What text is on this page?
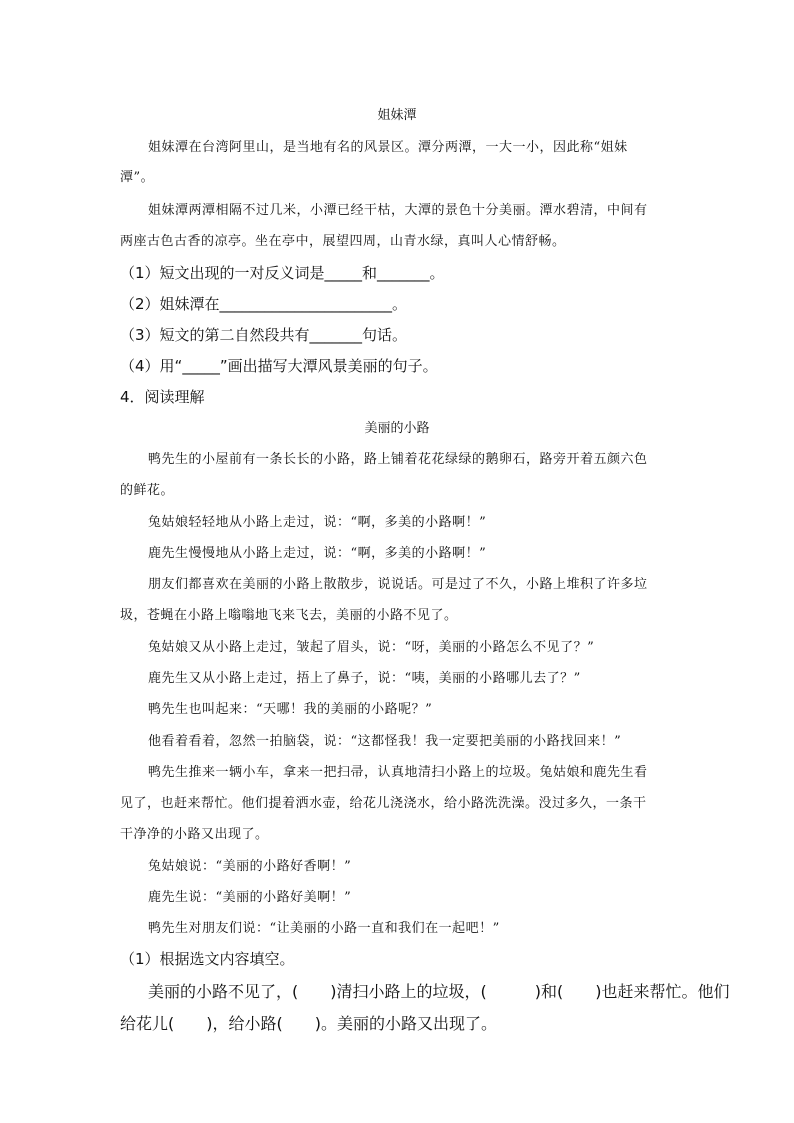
姐妹潭
姐妹潭在台湾阿里山，是当地有名的风景区。潭分两潭，一大一小，因此称“姐妹
潭”。
姐妹潭两潭相隔不过几米，小潭已经干枯，大潭的景色十分美丽。潭水碧清，中间有
两座古色古香的凉亭。坐在亭中，展望四周，山青水绿，真叫人心情舒畅。
（1）短文出现的一对反义词是_____和_______。
（2）姐妹潭在_______________________。
（3）短文的第二自然段共有_______句话。
（4）用“_____”画出描写大潭风景美丽的句子。
4．阅读理解
美丽的小路
鸭先生的小屋前有一条长长的小路，路上铺着花花绿绿的鹅卵石，路旁开着五颜六色
的鲜花。
兔姑娘轻轻地从小路上走过，说：“啊，多美的小路啊！”
鹿先生慢慢地从小路上走过，说：“啊，多美的小路啊！”
朋友们都喜欢在美丽的小路上散散步，说说话。可是过了不久，小路上堆积了许多垃
圾，苍蝇在小路上嗡嗡地飞来飞去，美丽的小路不见了。
兔姑娘又从小路上走过，皱起了眉头，说：“呀，美丽的小路怎么不见了？”
鹿先生又从小路上走过，捂上了鼻子，说：“咦，美丽的小路哪儿去了？”
鸭先生也叫起来：“天哪！我的美丽的小路呢？”
他看着看着，忽然一拍脑袋，说：“这都怪我！我一定要把美丽的小路找回来！”
鸭先生推来一辆小车，拿来一把扫帚，认真地清扫小路上的垃圾。兔姑娘和鹿先生看
见了，也赶来帮忙。他们提着洒水壶，给花儿浇浇水，给小路洗洗澡。没过多久，一条干
干净净的小路又出现了。
兔姑娘说：“美丽的小路好香啊！”
鹿先生说：“美丽的小路好美啊！”
鸭先生对朋友们说：“让美丽的小路一直和我们在一起吧！”
（1）根据选文内容填空。
美丽的小路不见了，(　　)清扫小路上的垃圾，(　　　)和(　　)也赶来帮忙。他们
给花儿(　　)，给小路(　　)。美丽的小路又出现了。
